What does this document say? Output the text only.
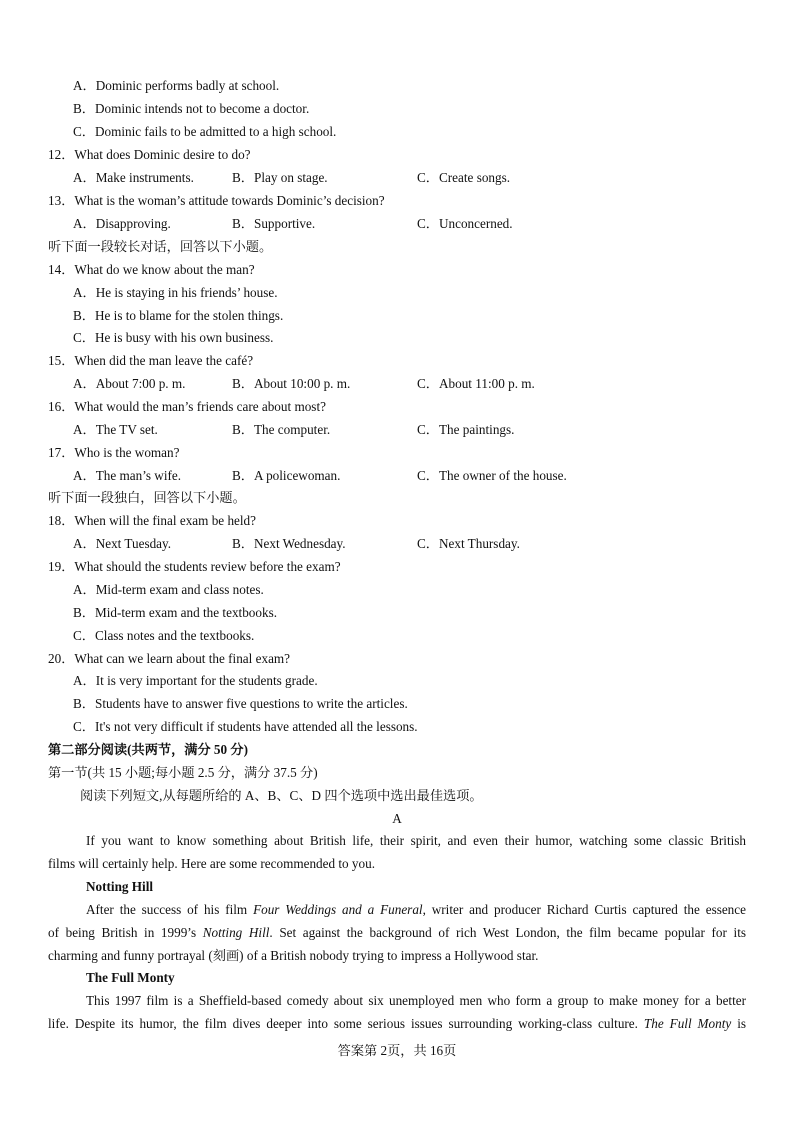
A．Dominic performs badly at school.
B．Dominic intends not to become a doctor.
C．Dominic fails to be admitted to a high school.
12．What does Dominic desire to do?
A．Make instruments.	B．Play on stage.	C．Create songs.
13．What is the woman’s attitude towards Dominic’s decision?
A．Disapproving.	B．Supportive.	C．Unconcerned.
听下面一段较长对话，回答以下小题。
14．What do we know about the man?
A．He is staying in his friends’ house.
B．He is to blame for the stolen things.
C．He is busy with his own business.
15．When did the man leave the café?
A．About 7:00 p. m.	B．About 10:00 p. m.	C．About 11:00 p. m.
16．What would the man’s friends care about most?
A．The TV set.	B．The computer.	C．The paintings.
17．Who is the woman?
A．The man’s wife.	B．A policewoman.	C．The owner of the house.
听下面一段独白，回答以下小题。
18．When will the final exam be held?
A．Next Tuesday.	B．Next Wednesday.	C．Next Thursday.
19．What should the students review before the exam?
A．Mid-term exam and class notes.
B．Mid-term exam and the textbooks.
C．Class notes and the textbooks.
20．What can we learn about the final exam?
A．It is very important for the students grade.
B．Students have to answer five questions to write the articles.
C．It's not very difficult if students have attended all the lessons.
第二部分阅读(共两节，满分 50 分)
第一节(共 15 小题;每小题 2.5 分，满分 37.5 分)
阅读下列短文,从每题所给的 A、B、C、D 四个选项中选出最佳选项。
A
If you want to know something about British life, their spirit, and even their humor, watching some classic British
films will certainly help. Here are some recommended to you.
Notting Hill
After the success of his film Four Weddings and a Funeral, writer and producer Richard Curtis captured the essence
of being British in 1999’s Notting Hill. Set against the background of rich West London, the film became popular for its
charming and funny portrayal (刻画) of a British nobody trying to impress a Hollywood star.
The Full Monty
This 1997 film is a Sheffield-based comedy about six unemployed men who form a group to make money for a better
life. Despite its humor, the film dives deeper into some serious issues surrounding working-class culture. The Full Monty is
答案第 2页，共 16页
